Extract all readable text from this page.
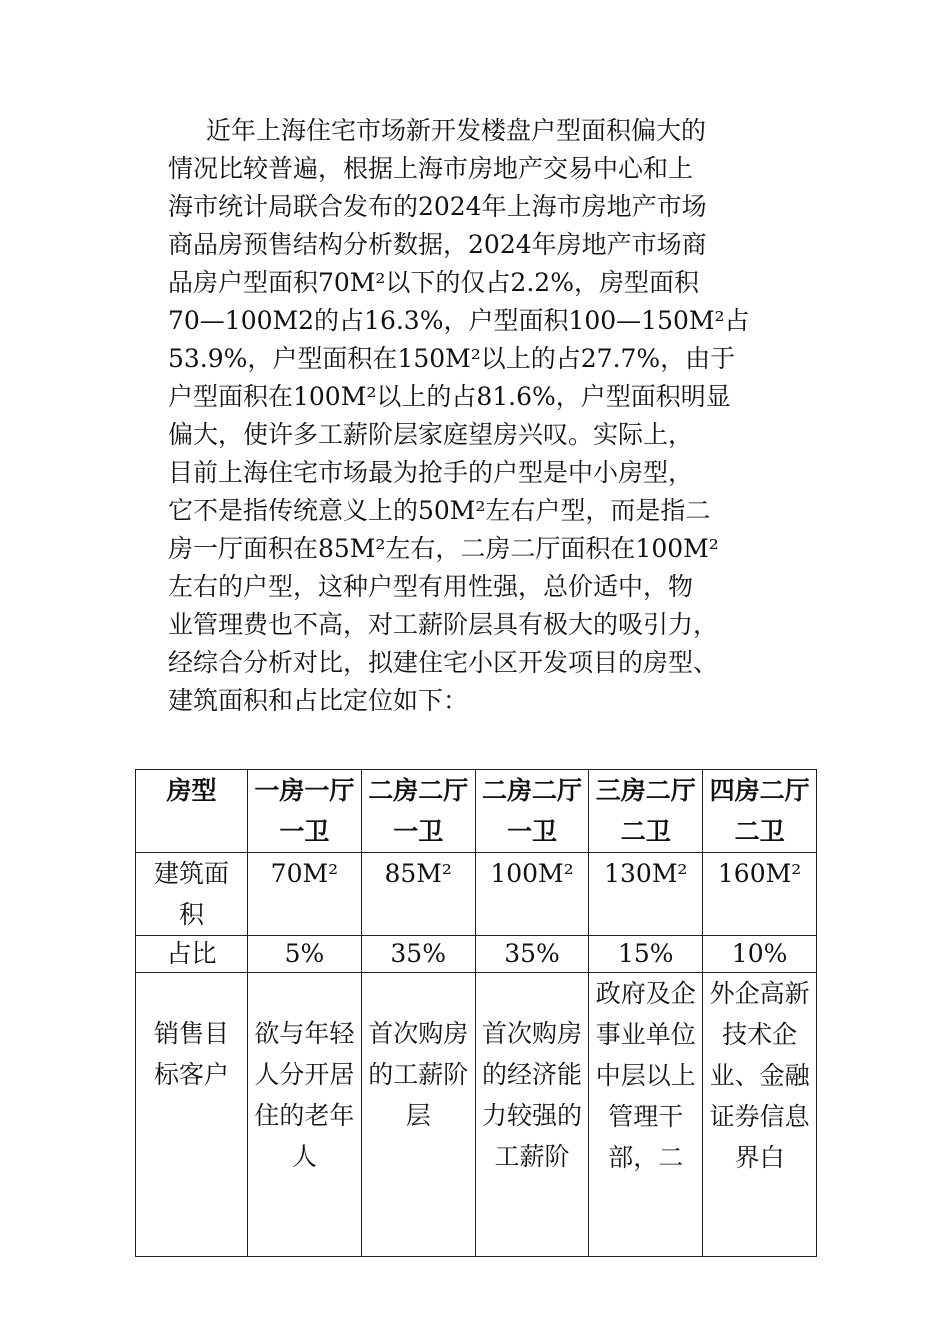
近年上海住宅市场新开发楼盘户型面积偏大的
情况比较普遍，根据上海市房地产交易中心和上
海市统计局联合发布的2024年上海市房地产市场
商品房预售结构分析数据，2024年房地产市场商
品房户型面积70M²以下的仅占2.2%，房型面积
70—100M2的占16.3%，户型面积100—150M²占
53.9%，户型面积在150M²以上的占27.7%，由于
户型面积在100M²以上的占81.6%，户型面积明显
偏大，使许多工薪阶层家庭望房兴叹。实际上，
目前上海住宅市场最为抢手的户型是中小房型，
它不是指传统意义上的50M²左右户型，而是指二
房一厅面积在85M²左右，二房二厅面积在100M²
左右的户型，这种户型有用性强，总价适中，物
业管理费也不高，对工薪阶层具有极大的吸引力，
经综合分析对比，拟建住宅小区开发项目的房型、
建筑面积和占比定位如下：
房型	一房一厅一卫	二房二厅一卫	二房二厅一卫	三房二厅二卫	四房二厅二卫
建筑面积	70M²	85M²	100M²	130M²	160M²
占比	5%	35%	35%	15%	10%

销售目标客户	欲与年轻人分开居住的老年人	首次购房的工薪阶层	首次购房的经济能力较强的工薪阶	政府及企事业单位中层以上管理干部，二	外企高新技术企业、金融证券信息界白
